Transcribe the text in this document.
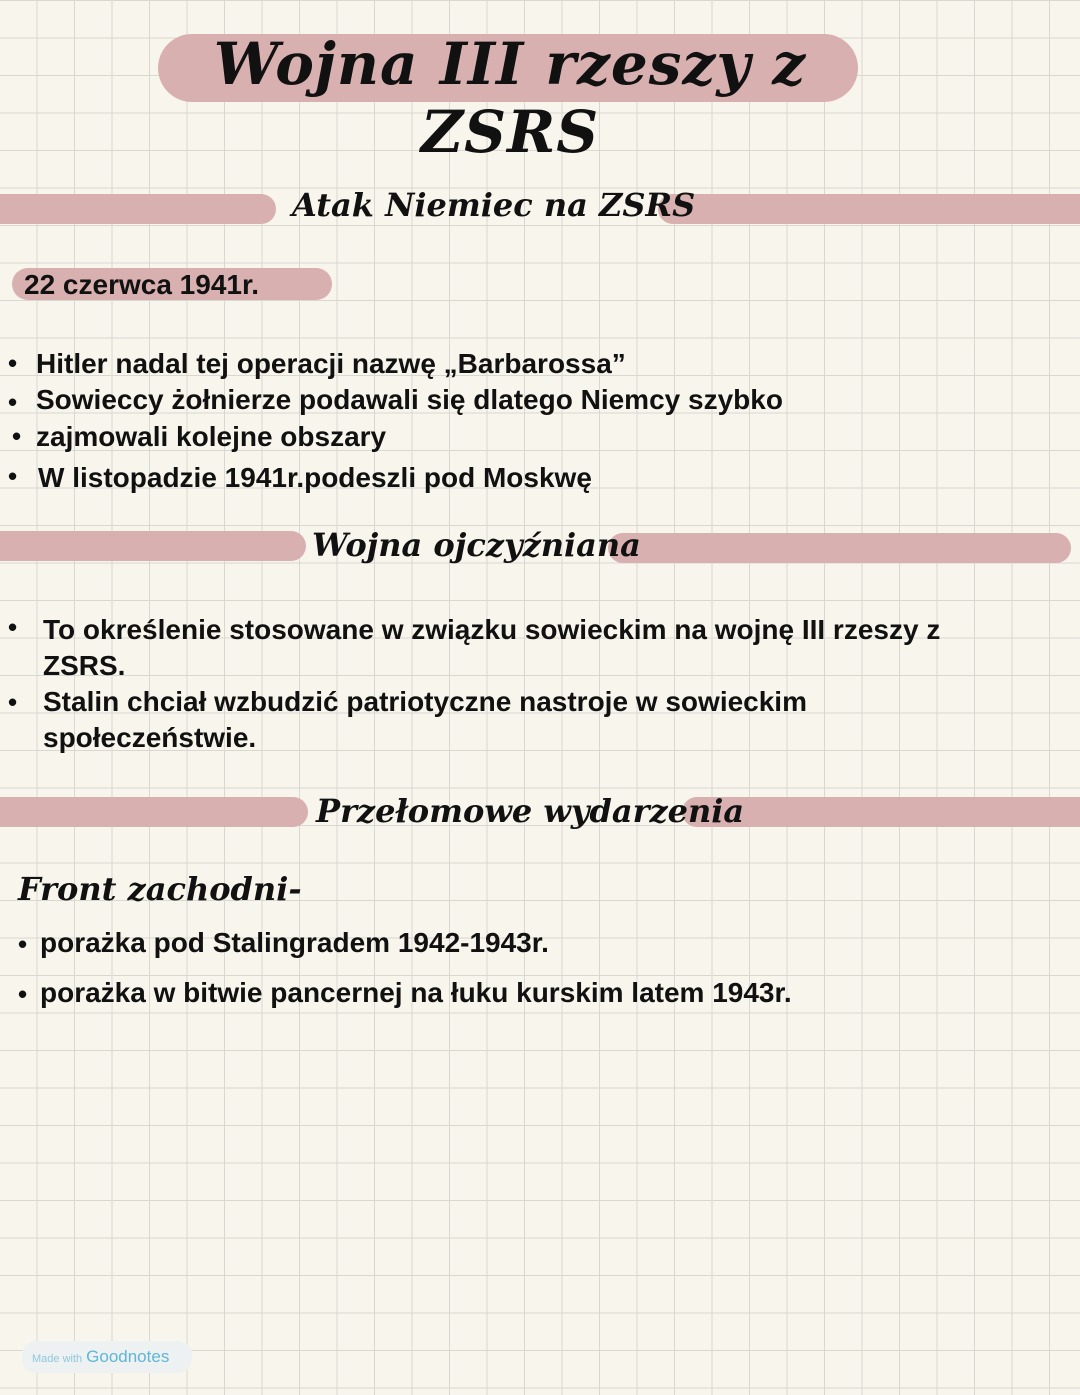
Wojna III rzeszy z ZSRS
Atak Niemiec na ZSRS
22 czerwca 1941r.
• Hitler nadal tej operacji nazwę „Barbarossa”
• Sowieccy żołnierze podawali się dlatego Niemcy szybko
• zajmowali kolejne obszary
• W listopadzie 1941r.podeszli pod Moskwę
Wojna ojczyźniana
• To określenie stosowane w związku sowieckim na wojnę III rzeszy z
ZSRS.
• Stalin chciał wzbudzić patriotyczne nastroje w sowieckim
społeczeństwie.
Przełomowe wydarzenia
Front zachodni-
• porażka pod Stalingradem 1942-1943r.
• porażka w bitwie pancernej na łuku kurskim latem 1943r.
Made with Goodnotes
